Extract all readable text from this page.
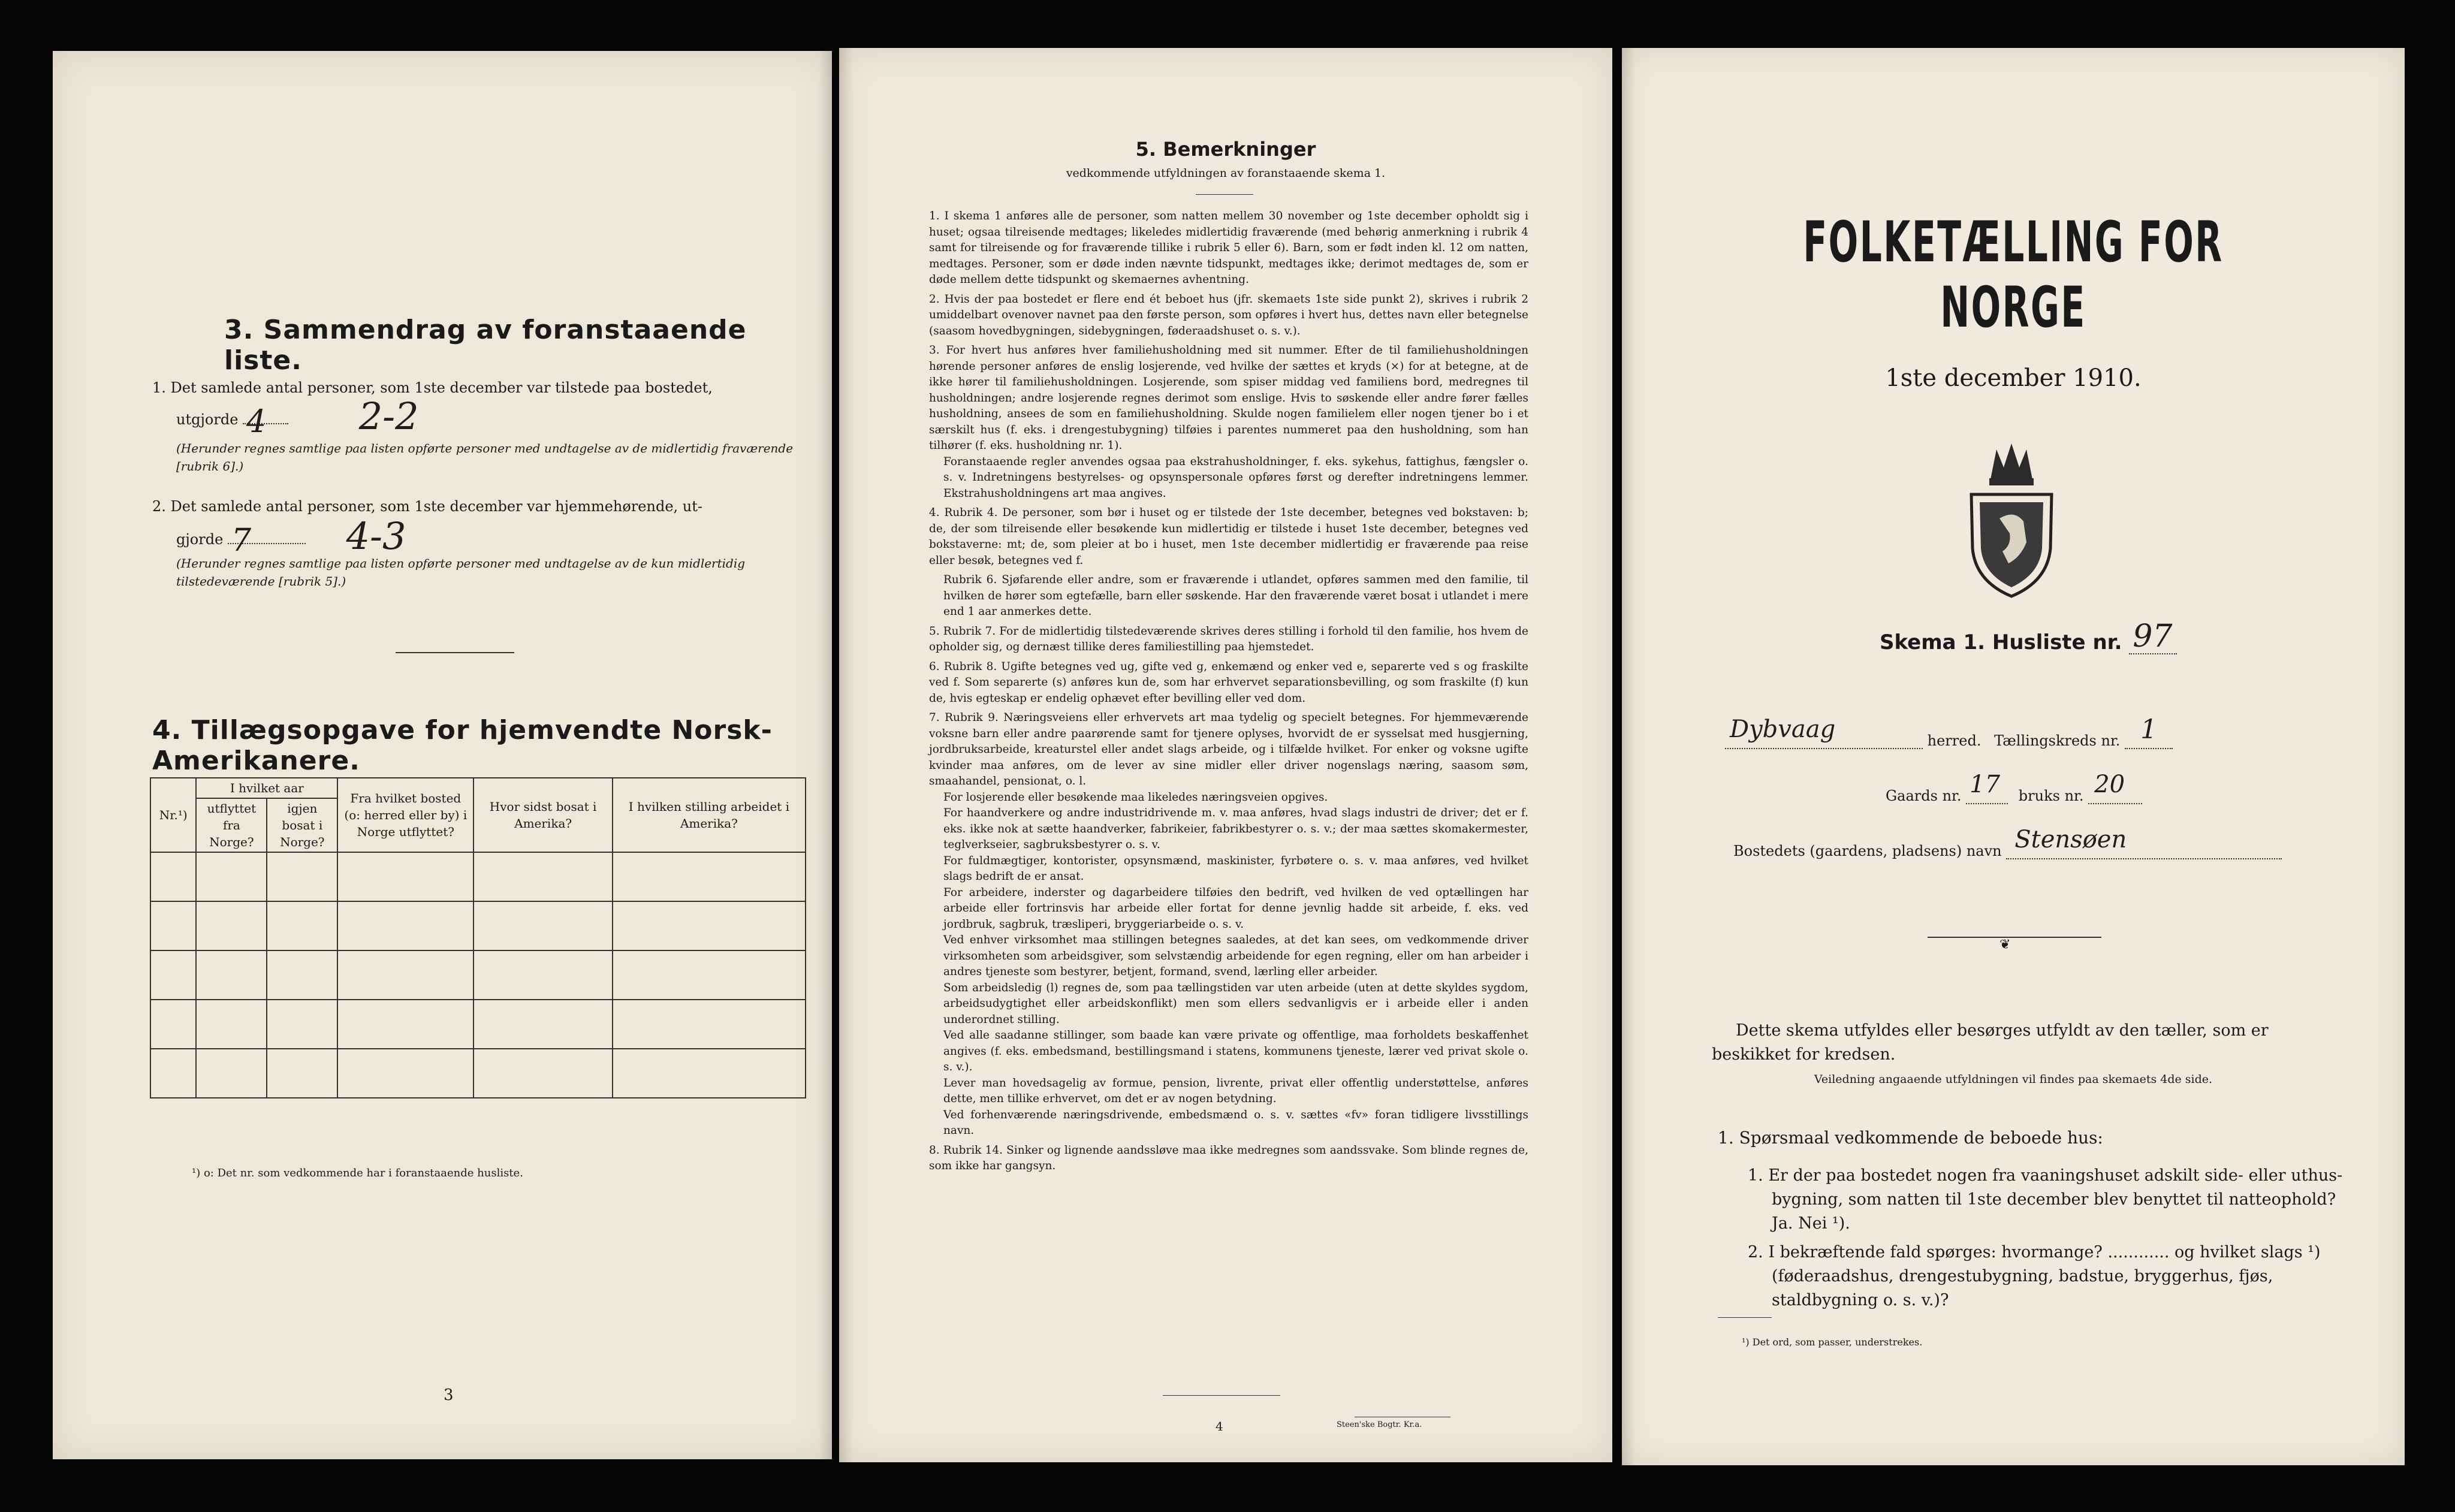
3. Sammendrag av foranstaaende liste.
1. Det samlede antal personer, som 1ste december var tilstede paa bostedet,
utgjorde 4 2-2
(Herunder regnes samtlige paa listen opførte personer med undtagelse av de midlertidig fraværende [rubrik 6].)
2. Det samlede antal personer, som 1ste december var hjemmehørende, ut-
gjorde 7	4-3
(Herunder regnes samtlige paa listen opførte personer med undtagelse av de kun midlertidig tilstedeværende [rubrik 5].)
4. Tillægsopgave for hjemvendte Norsk-Amerikanere.
Nr.¹)	I hvilket aar		Fra hvilket bosted (o: herred eller by) i Norge utflyttet?	Hvor sidst bosat i Amerika?	I hvilken stilling arbeidet i Amerika?
	utflyttet fra Norge?	igjen bosat i Norge?			

¹) o: Det nr. som vedkommende har i foranstaaende husliste.
3
5. Bemerkninger
vedkommende utfyldningen av foranstaaende skema 1.

1. I skema 1 anføres alle de personer, som natten mellem 30 november og 1ste december opholdt sig i huset; ogsaa tilreisende medtages; likeledes midlertidig fraværende (med behørig anmerkning i rubrik 4 samt for tilreisende og for fraværende tillike i rubrik 5 eller 6). Barn, som er født inden kl. 12 om natten, medtages. Personer, som er døde inden nævnte tidspunkt, medtages ikke; derimot medtages de, som er døde mellem dette tidspunkt og skemaernes avhentning.

2. Hvis der paa bostedet er flere end ét beboet hus (jfr. skemaets 1ste side punkt 2), skrives i rubrik 2 umiddelbart ovenover navnet paa den første person, som opføres i hvert hus, dettes navn eller betegnelse (saasom hovedbygningen, sidebygningen, føderaadshuset o. s. v.).

3. For hvert hus anføres hver familiehusholdning med sit nummer. Efter de til familiehusholdningen hørende personer anføres de enslig losjerende, ved hvilke der sættes et kryds (×) for at betegne, at de ikke hører til familiehusholdningen. Losjerende, som spiser middag ved familiens bord, medregnes til husholdningen; andre losjerende regnes derimot som enslige. Hvis to søskende eller andre fører fælles husholdning, ansees de som en familiehusholdning. Skulde nogen familielem eller nogen tjener bo i et særskilt hus (f. eks. i drengestubygning) tilføies i parentes nummeret paa den husholdning, som han tilhører (f. eks. husholdning nr. 1).

Foranstaaende regler anvendes ogsaa paa ekstrahusholdninger, f. eks. sykehus, fattighus, fængsler o. s. v. Indretningens bestyrelses- og opsynspersonale opføres først og derefter indretningens lemmer. Ekstrahusholdningens art maa angives.

4. Rubrik 4. De personer, som bør i huset og er tilstede der 1ste december, betegnes ved bokstaven: b; de, der som tilreisende eller besøkende kun midlertidig er tilstede i huset 1ste december, betegnes ved bokstaverne: mt; de, som pleier at bo i huset, men 1ste december midlertidig er fraværende paa reise eller besøk, betegnes ved f.

Rubrik 6. Sjøfarende eller andre, som er fraværende i utlandet, opføres sammen med den familie, til hvilken de hører som egtefælle, barn eller søskende. Har den fraværende været bosat i utlandet i mere end 1 aar anmerkes dette.

5. Rubrik 7. For de midlertidig tilstedeværende skrives deres stilling i forhold til den familie, hos hvem de opholder sig, og dernæst tillike deres familiestilling paa hjemstedet.

6. Rubrik 8. Ugifte betegnes ved ug, gifte ved g, enkemænd og enker ved e, separerte ved s og fraskilte ved f. Som separerte (s) anføres kun de, som har erhvervet separationsbevilling, og som fraskilte (f) kun de, hvis egteskap er endelig ophævet efter bevilling eller ved dom.

7. Rubrik 9. Næringsveiens eller erhvervets art maa tydelig og specielt betegnes. For hjemmeværende voksne barn eller andre paarørende samt for tjenere oplyses, hvorvidt de er sysselsat med husgjerning, jordbruksarbeide, kreaturstel eller andet slags arbeide, og i tilfælde hvilket. For enker og voksne ugifte kvinder maa anføres, om de lever av sine midler eller driver nogenslags næring, saasom søm, smaahandel, pensionat, o. l.

For losjerende eller besøkende maa likeledes næringsveien opgives.

For haandverkere og andre industridrivende m. v. maa anføres, hvad slags industri de driver; det er f. eks. ikke nok at sætte haandverker, fabrikeier, fabrikbestyrer o. s. v.; der maa sættes skomakermester, teglverkseier, sagbruksbestyrer o. s. v.

For fuldmægtiger, kontorister, opsynsmænd, maskinister, fyrbøtere o. s. v. maa anføres, ved hvilket slags bedrift de er ansat.

For arbeidere, inderster og dagarbeidere tilføies den bedrift, ved hvilken de ved optællingen har arbeide eller fortrinsvis har arbeide eller fortat for denne jevnlig hadde sit arbeide, f. eks. ved jordbruk, sagbruk, træsliperi, bryggeriarbeide o. s. v.

Ved enhver virksomhet maa stillingen betegnes saaledes, at det kan sees, om vedkommende driver virksomheten som arbeidsgiver, som selvstændig arbeidende for egen regning, eller om han arbeider i andres tjeneste som bestyrer, betjent, formand, svend, lærling eller arbeider.

Som arbeidsledig (l) regnes de, som paa tællingstiden var uten arbeide (uten at dette skyldes sygdom, arbeidsudygtighet eller arbeidskonflikt) men som ellers sedvanligvis er i arbeide eller i anden underordnet stilling.

Ved alle saadanne stillinger, som baade kan være private og offentlige, maa forholdets beskaffenhet angives (f. eks. embedsmand, bestillingsmand i statens, kommunens tjeneste, lærer ved privat skole o. s. v.).

Lever man hovedsagelig av formue, pension, livrente, privat eller offentlig understøttelse, anføres dette, men tillike erhvervet, om det er av nogen betydning.

Ved forhenværende næringsdrivende, embedsmænd o. s. v. sættes «fv» foran tidligere livsstillings navn.

8. Rubrik 14. Sinker og lignende aandssløve maa ikke medregnes som aandssvake. Som blinde regnes de, som ikke har gangsyn.

4	Steen'ske Bogtr. Kr.a.
FOLKETÆLLING FOR NORGE
1ste december 1910.
Skema 1. Husliste nr. 97
Dybvaag	herred. Tællingskreds nr. 1
Gaards nr. 17 bruks nr. 20
Bostedets (gaardens, pladsens) navn Stensøen
❦
Dette skema utfyldes eller besørges utfyldt av den tæller, som er beskikket for kredsen.
Veiledning angaaende utfyldningen vil findes paa skemaets 4de side.
1. Spørsmaal vedkommende de beboede hus:
1. Er der paa bostedet nogen fra vaaningshuset adskilt side- eller uthus-bygning, som natten til 1ste december blev benyttet til natteophold? Ja. Nei ¹).
2. I bekræftende fald spørges: hvormange? ............ og hvilket slags ¹) (føderaadshus, drengestubygning, badstue, bryggerhus, fjøs, staldbygning o. s. v.)?
¹) Det ord, som passer, understrekes.
